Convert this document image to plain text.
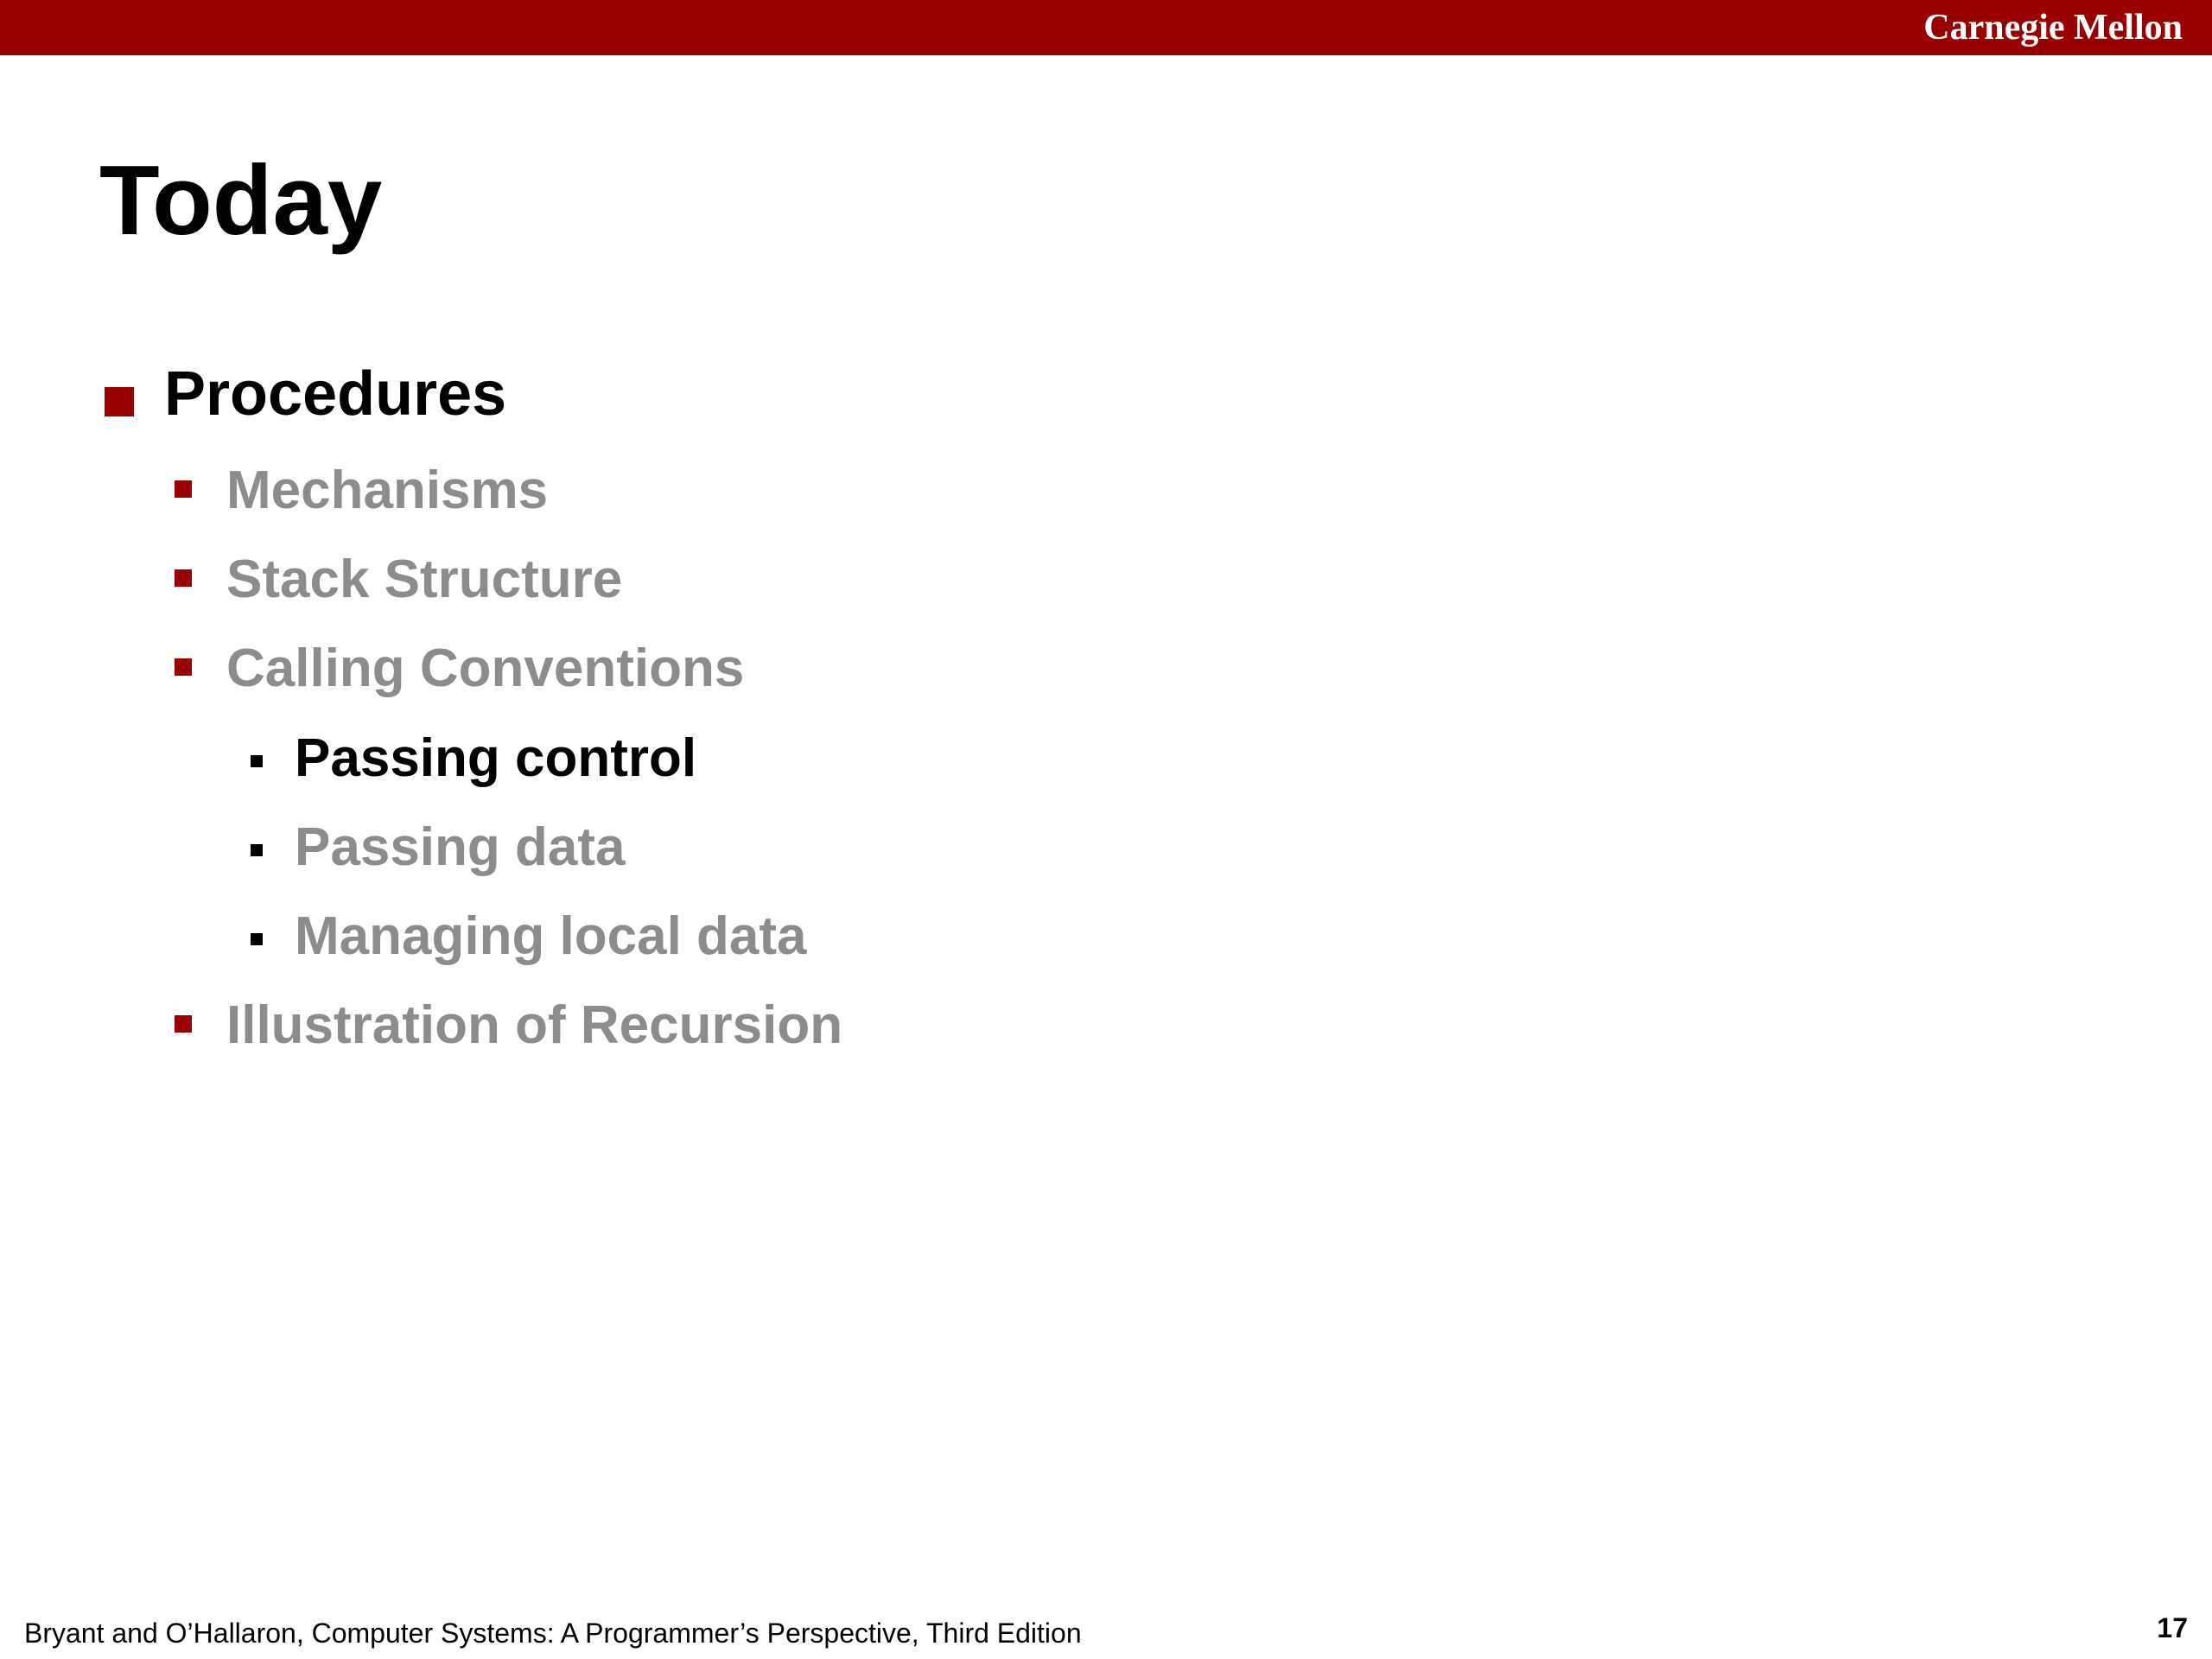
Carnegie Mellon
Today
Procedures
Mechanisms
Stack Structure
Calling Conventions
Passing control
Passing data
Managing local data
Illustration of Recursion
Bryant and O’Hallaron, Computer Systems: A Programmer’s Perspective, Third Edition	17
